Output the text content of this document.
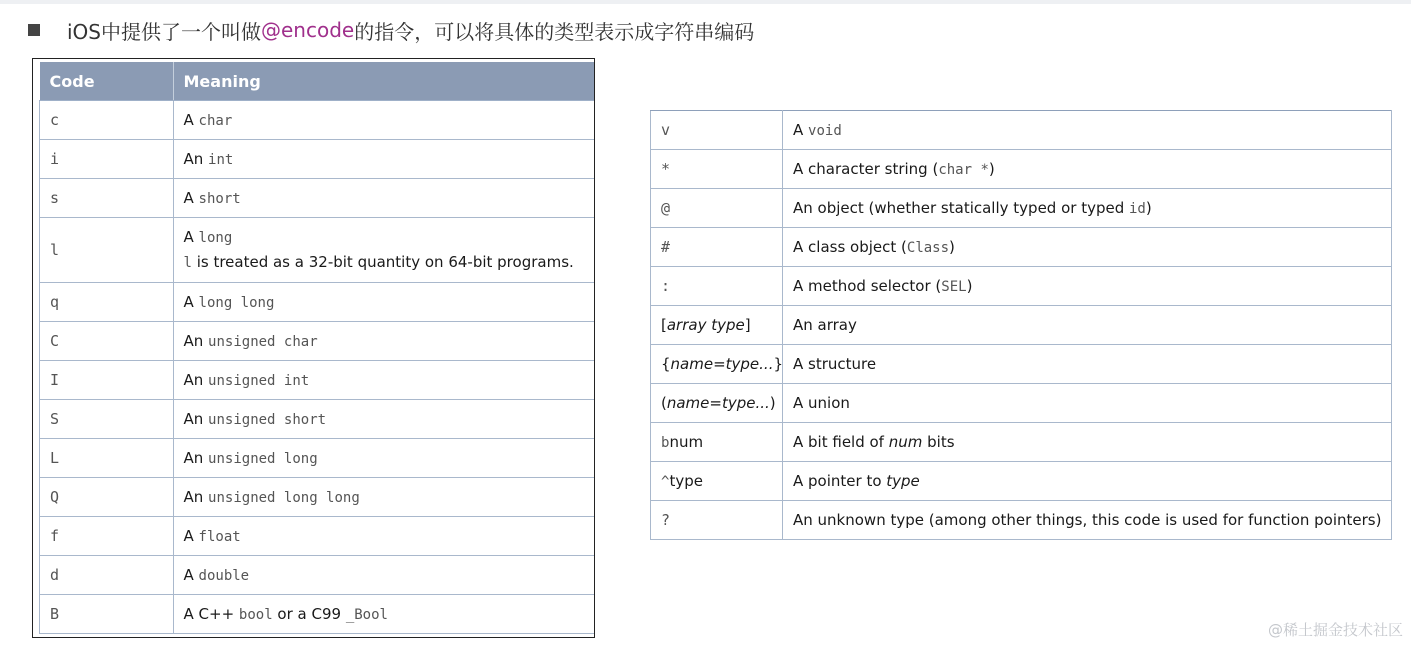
iOS中提供了一个叫做 @encode 的指令，可以将具体的类型表示成字符串编码
Code	Meaning
c	A char
i	An int
s	A short
l	A long
l is treated as a 32-bit quantity on 64-bit programs.

q	A long long
C	An unsigned char
I	An unsigned int
S	An unsigned short
L	An unsigned long
Q	An unsigned long long
f	A float
d	A double
B	A C++ bool or a C99 _Bool
v	A void
*	A character string (char *)
@	An object (whether statically typed or typed id)
#	A class object (Class)
:	A method selector (SEL)
[array type]	An array
{name=type...}	A structure
(name=type...)	A union
bnum	A bit field of num bits
^type	A pointer to type
?	An unknown type (among other things, this code is used for function pointers)
@稀土掘金技术社区
